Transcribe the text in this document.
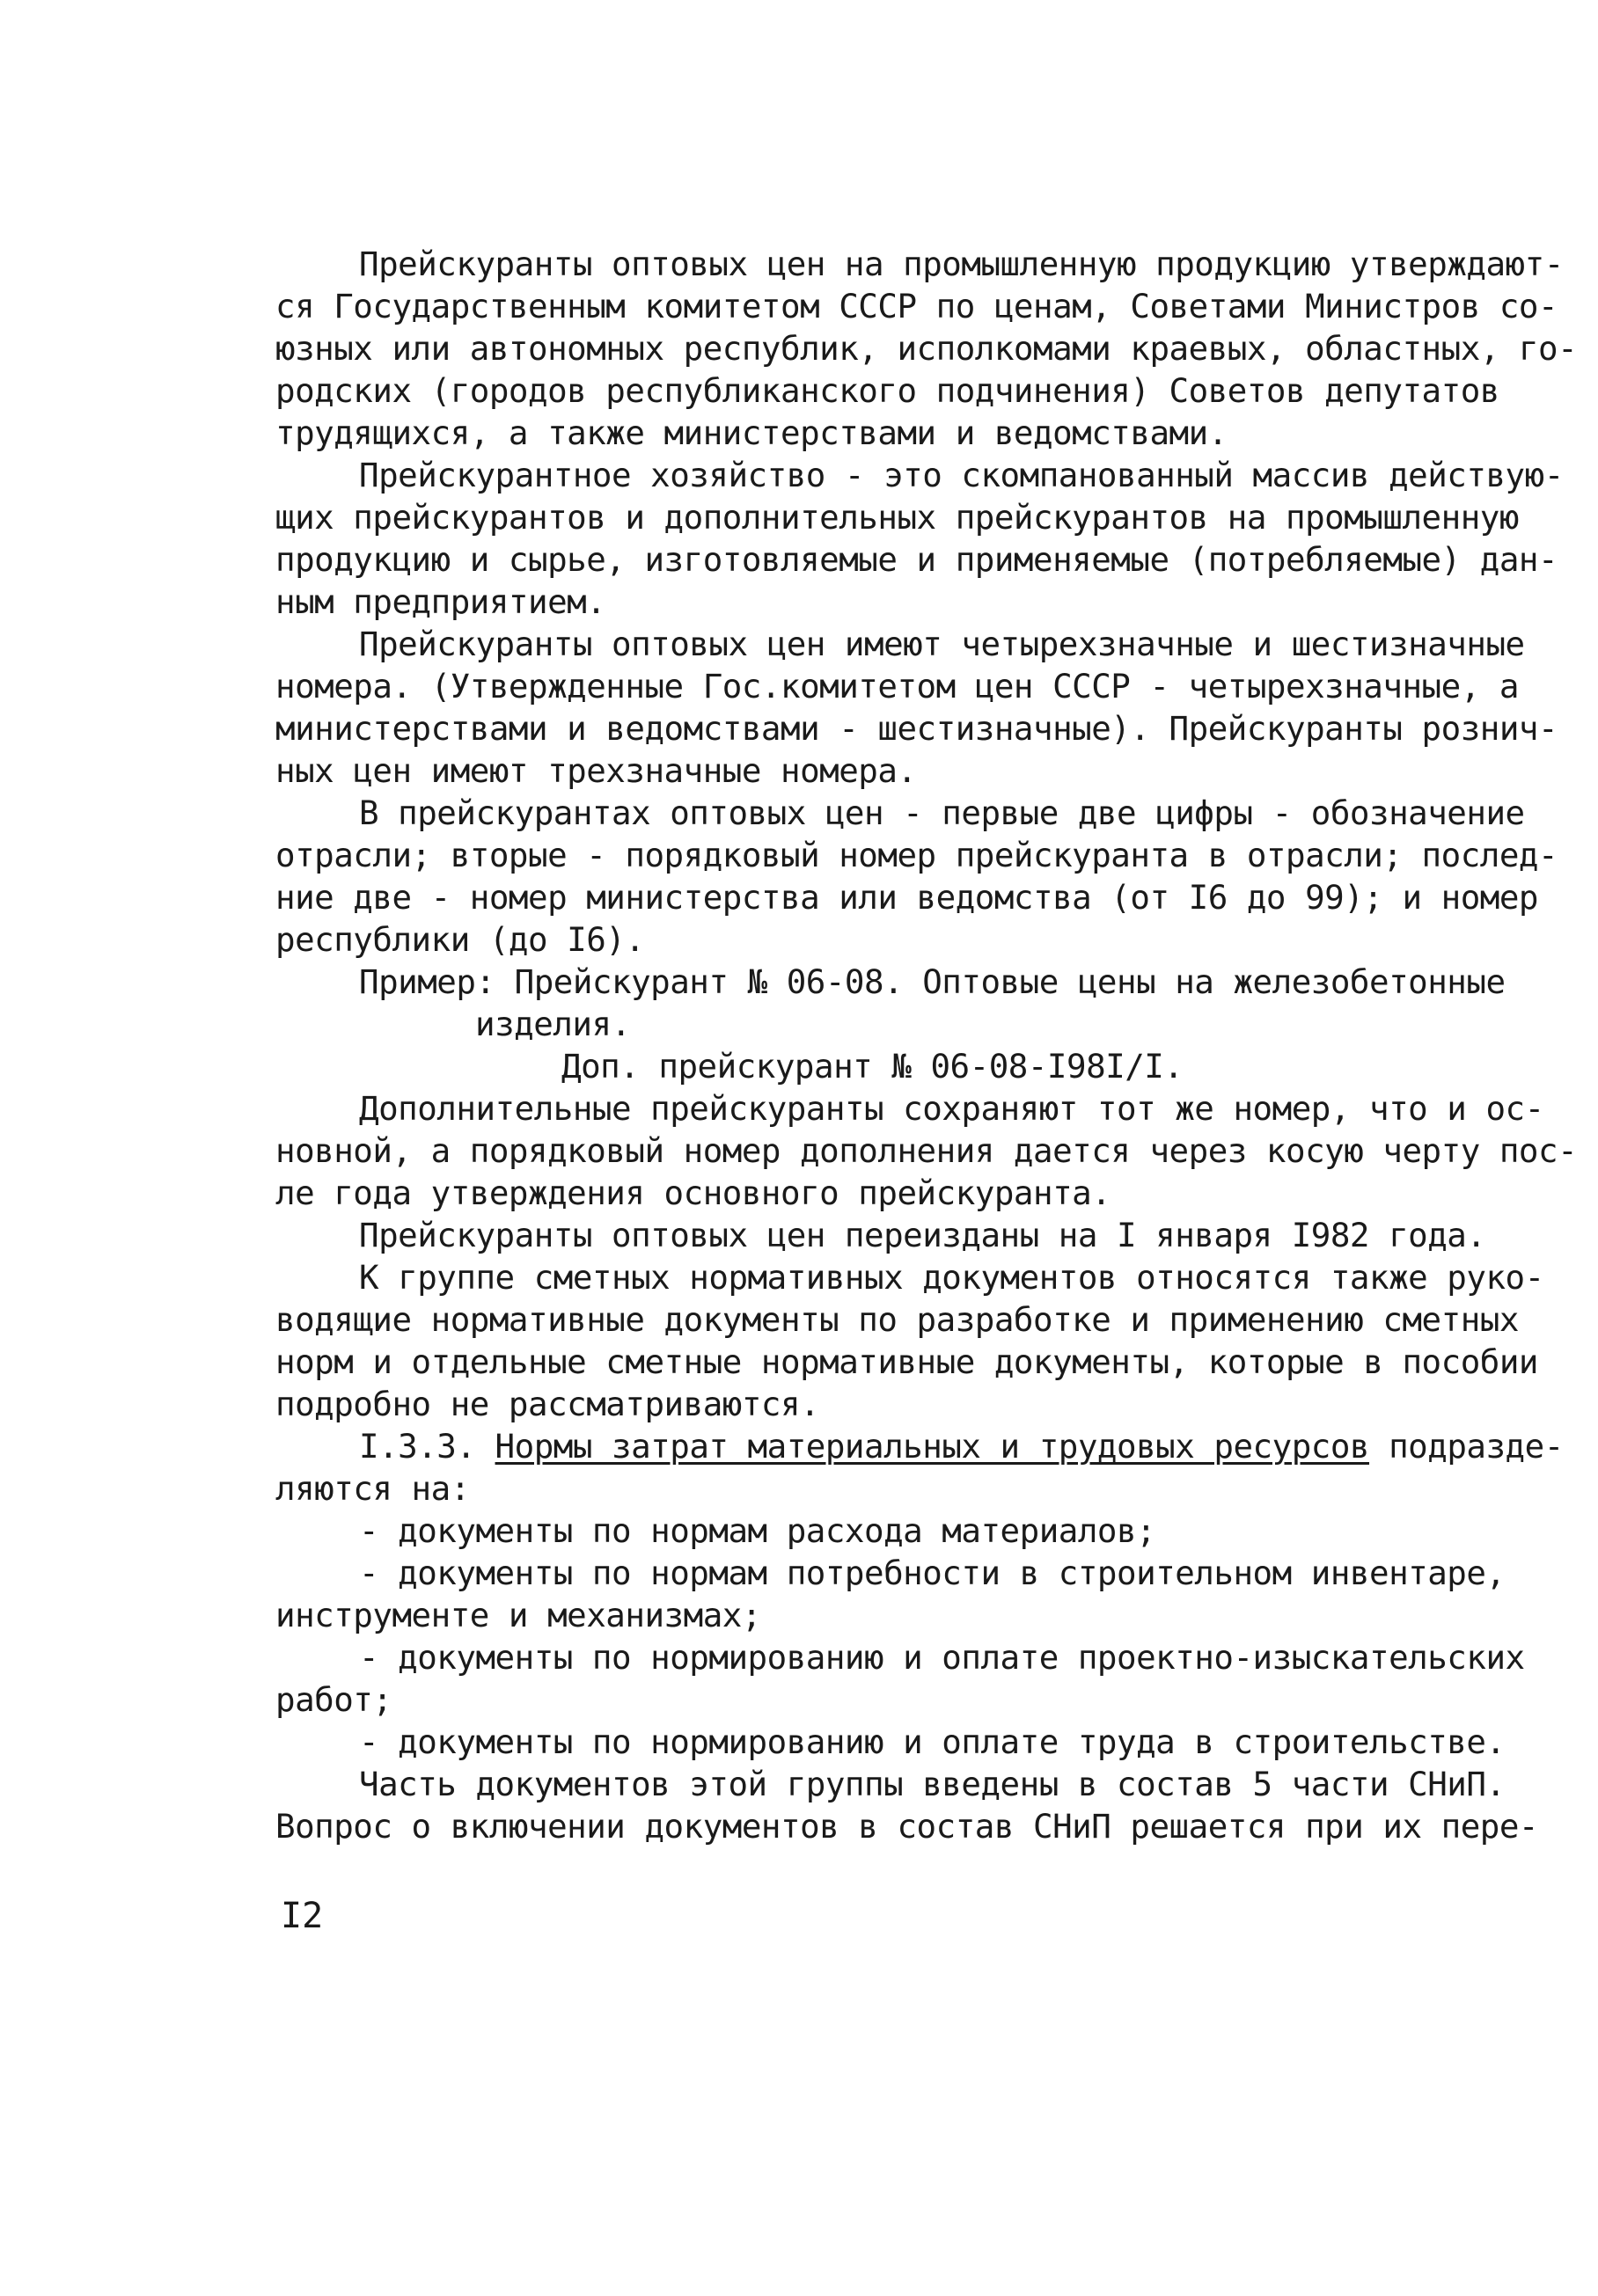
Прейскуранты оптовых цен на промышленную продукцию утверждают-
ся Государственным комитетом СССР по ценам, Советами Министров со-
юзных или автономных республик, исполкомами краевых, областных, го-
родских (городов республиканского подчинения) Советов депутатов
трудящихся, а также министерствами и ведомствами.
Прейскурантное хозяйство - это скомпанованный массив действую-
щих прейскурантов и дополнительных прейскурантов на промышленную
продукцию и сырье, изготовляемые и применяемые (потребляемые) дан-
ным предприятием.
Прейскуранты оптовых цен имеют четырехзначные и шестизначные
номера. (Утвержденные Гос.комитетом цен СССР - четырехзначные, а
министерствами и ведомствами - шестизначные). Прейскуранты рознич-
ных цен имеют трехзначные номера.
В прейскурантах оптовых цен - первые две цифры - обозначение
отрасли; вторые - порядковый номер прейскуранта в отрасли; послед-
ние две - номер министерства или ведомства (от I6 до 99); и номер
республики (до I6).
Пример: Прейскурант № 06-08. Оптовые цены на железобетонные
изделия.
Доп. прейскурант № 06-08-I98I/I.
Дополнительные прейскуранты сохраняют тот же номер, что и ос-
новной, а порядковый номер дополнения дается через косую черту пос-
ле года утверждения основного прейскуранта.
Прейскуранты оптовых цен переизданы на I января I982 года.
К группе сметных нормативных документов относятся также руко-
водящие нормативные документы по разработке и применению сметных
норм и отдельные сметные нормативные документы, которые в пособии
подробно не рассматриваются.
I.3.3. Нормы затрат материальных и трудовых ресурсов подразде-
ляются на:
- документы по нормам расхода материалов;
- документы по нормам потребности в строительном инвентаре,
инструменте и механизмах;
- документы по нормированию и оплате проектно-изыскательских
работ;
- документы по нормированию и оплате труда в строительстве.
Часть документов этой группы введены в состав 5 части СНиП.
Вопрос о включении документов в состав СНиП решается при их пере-
I2
